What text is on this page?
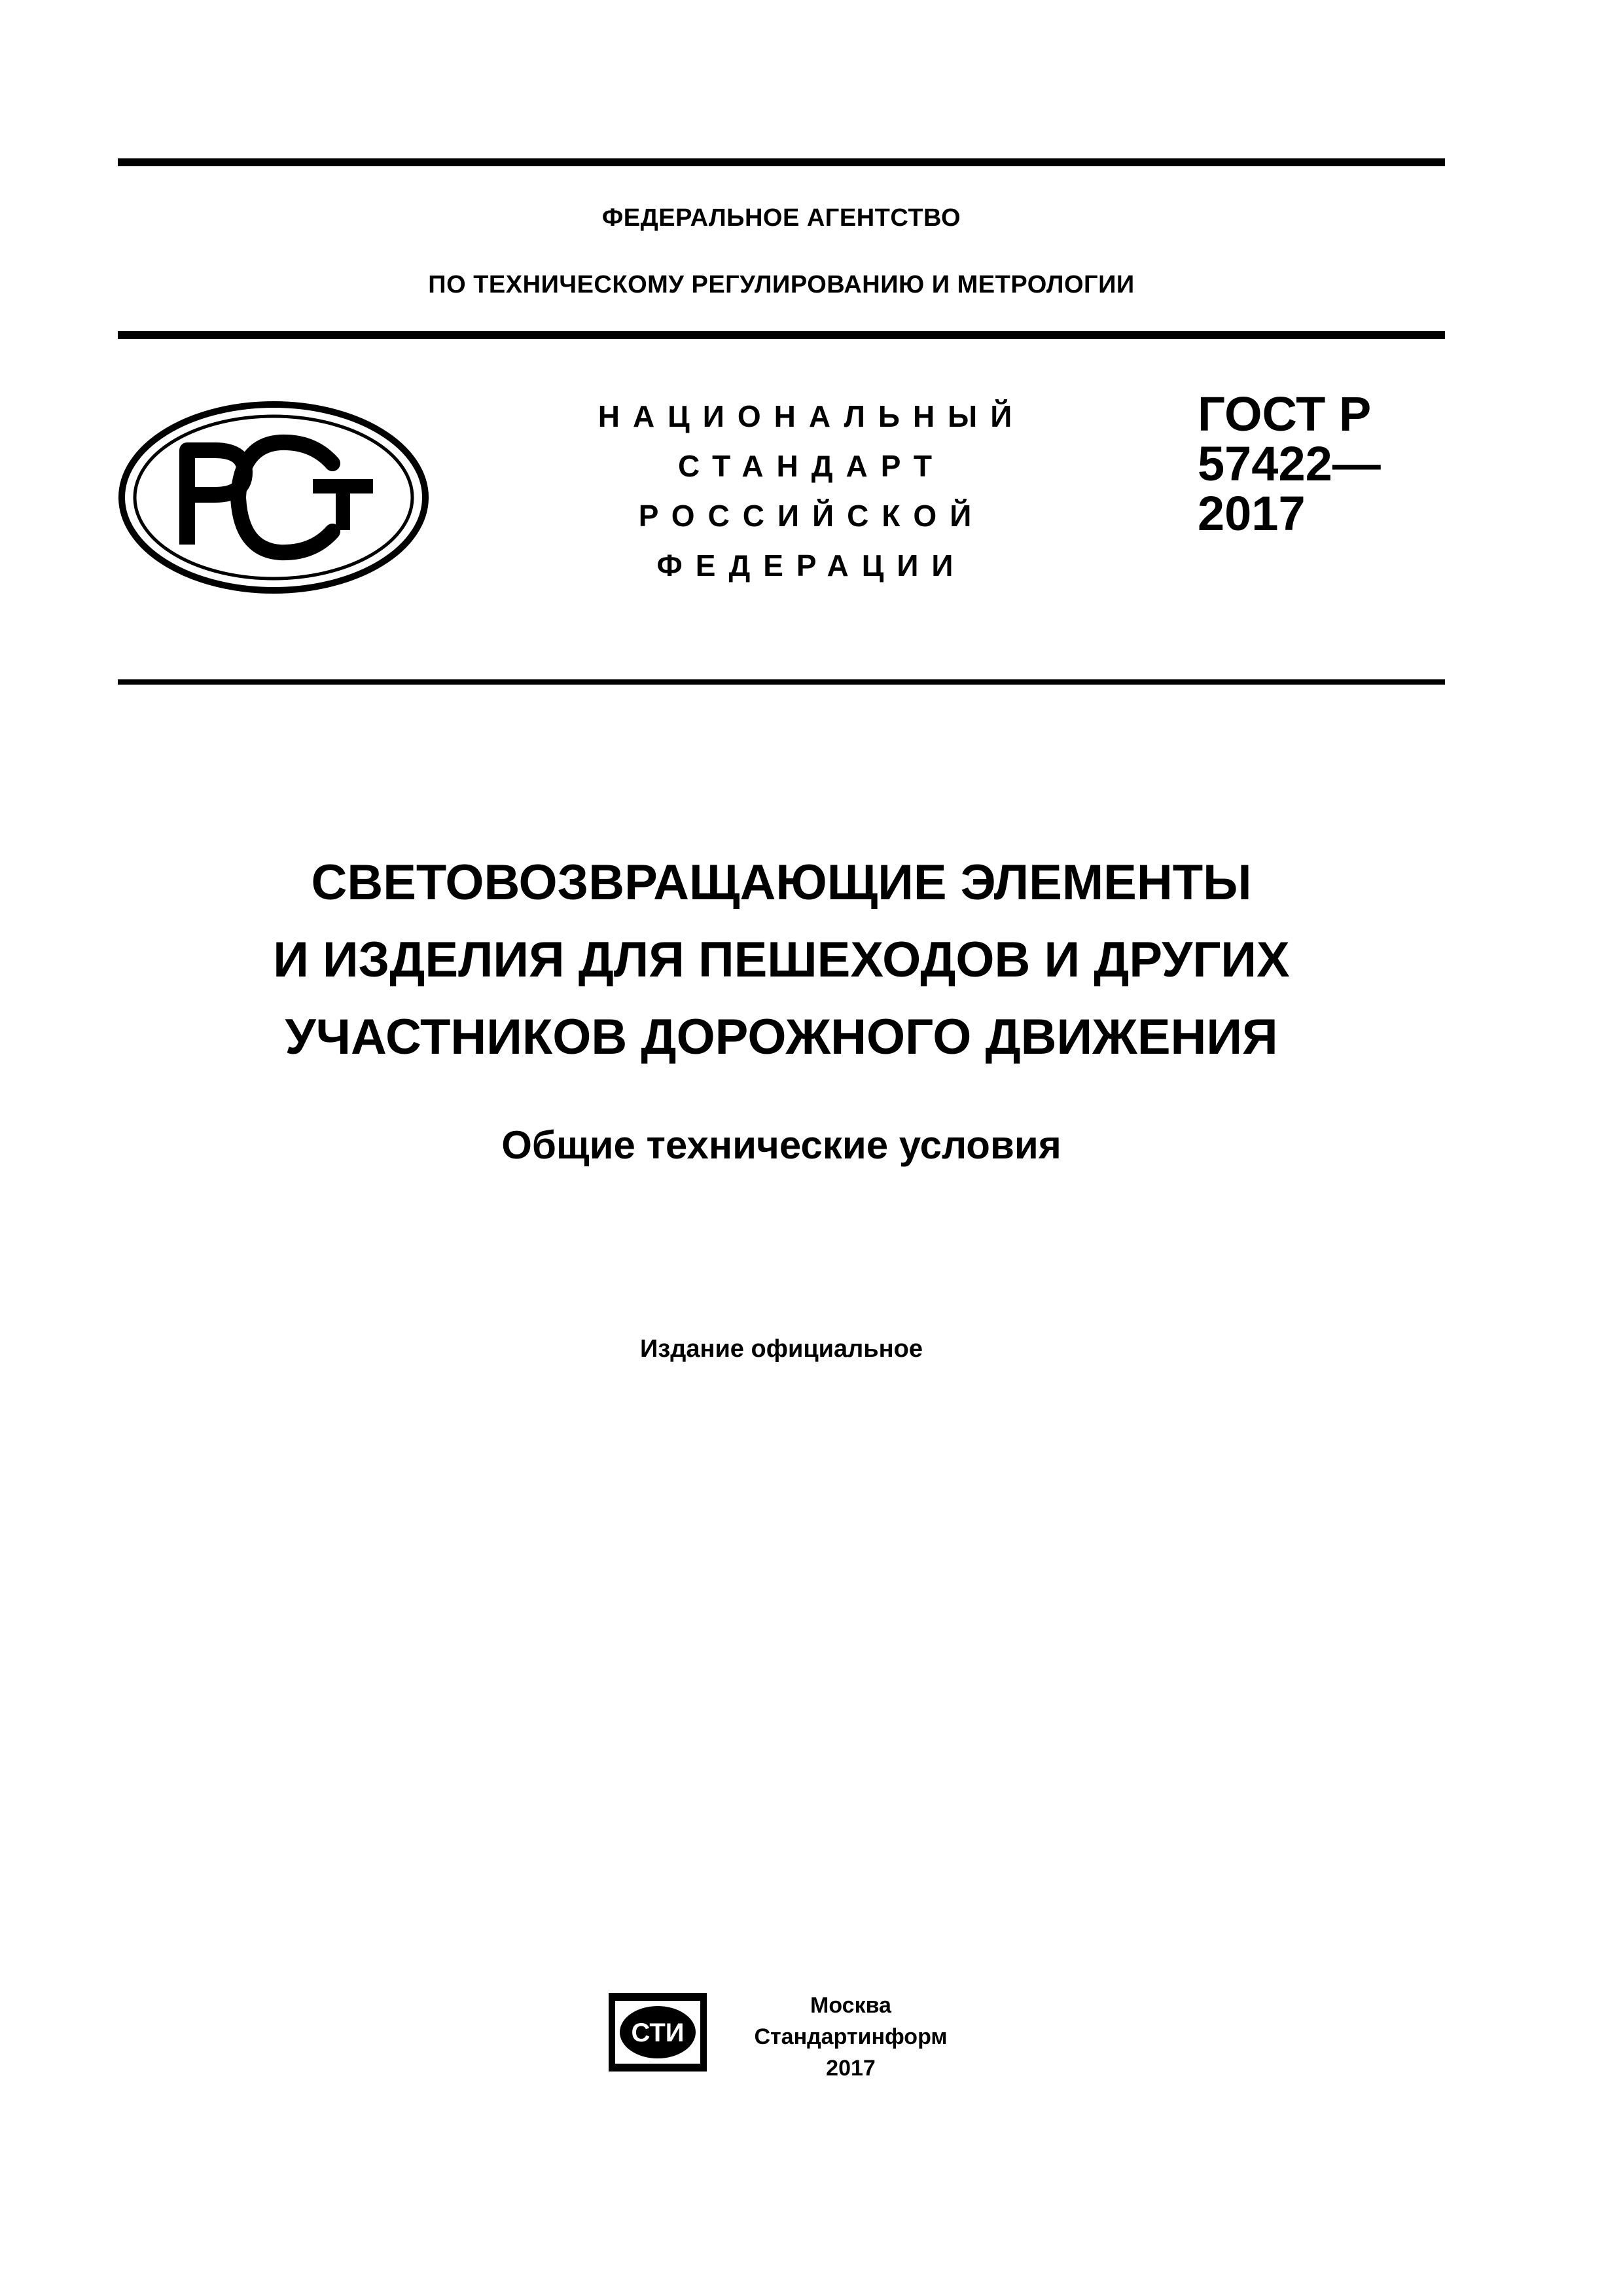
ФЕДЕРАЛЬНОЕ АГЕНТСТВО
ПО ТЕХНИЧЕСКОМУ РЕГУЛИРОВАНИЮ И МЕТРОЛОГИИ
НАЦИОНАЛЬНЫЙ
СТАНДАРТ
РОССИЙСКОЙ
ФЕДЕРАЦИИ
ГОСТ Р
57422—
2017
СВЕТОВОЗВРАЩАЮЩИЕ ЭЛЕМЕНТЫ
И ИЗДЕЛИЯ ДЛЯ ПЕШЕХОДОВ И ДРУГИХ
УЧАСТНИКОВ ДОРОЖНОГО ДВИЖЕНИЯ
Общие технические условия
Издание официальное
СТИ
Москва
Стандартинформ
2017
